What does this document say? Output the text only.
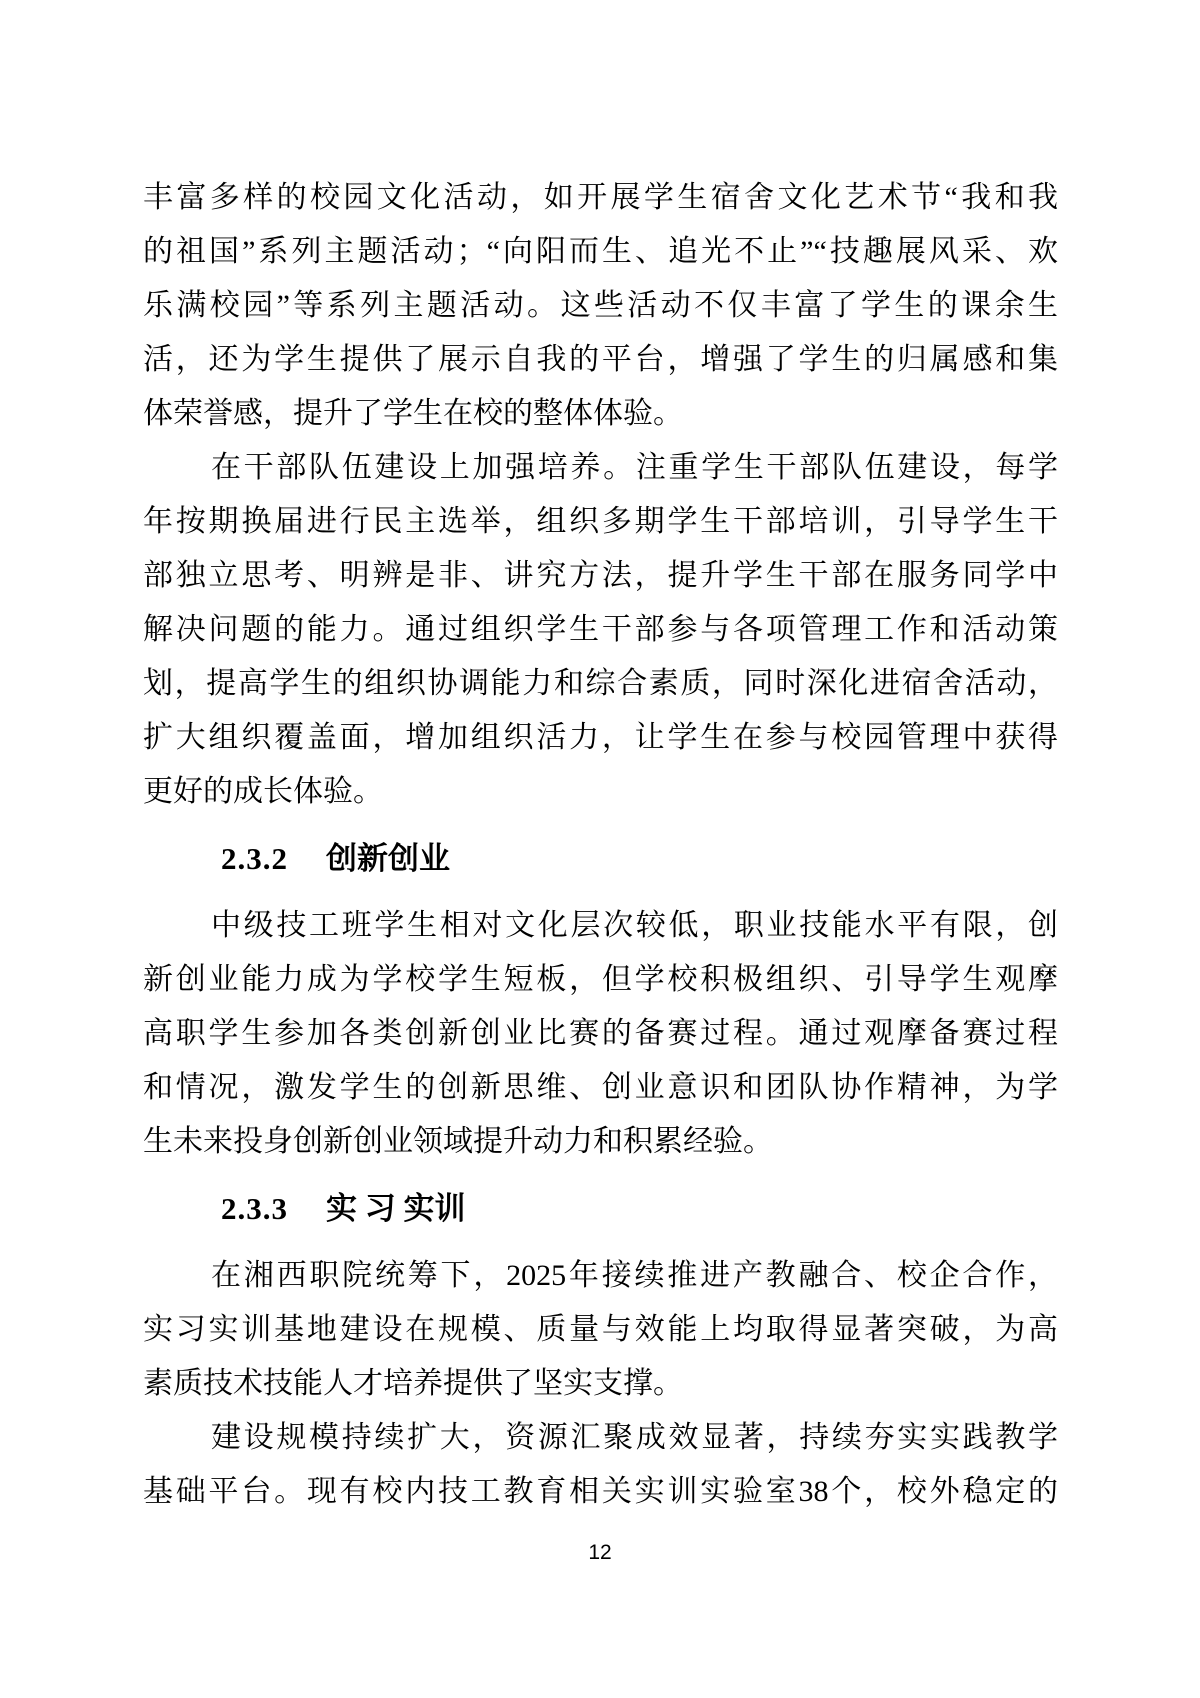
丰富多样的校园文化活动，如开展学生宿舍文化艺术节“我和我
的祖国”系列主题活动；“向阳而生、追光不止”“技趣展风采、欢
乐满校园”等系列主题活动。这些活动不仅丰富了学生的课余生
活，还为学生提供了展示自我的平台，增强了学生的归属感和集
体荣誉感，提升了学生在校的整体体验。
在干部队伍建设上加强培养。注重学生干部队伍建设，每学
年按期换届进行民主选举，组织多期学生干部培训，引导学生干
部独立思考、明辨是非、讲究方法，提升学生干部在服务同学中
解决问题的能力。通过组织学生干部参与各项管理工作和活动策
划，提高学生的组织协调能力和综合素质，同时深化进宿舍活动，
扩大组织覆盖面，增加组织活力，让学生在参与校园管理中获得
更好的成长体验。
2.3.2 创新创业
中级技工班学生相对文化层次较低，职业技能水平有限，创
新创业能力成为学校学生短板，但学校积极组织、引导学生观摩
高职学生参加各类创新创业比赛的备赛过程。通过观摩备赛过程
和情况，激发学生的创新思维、创业意识和团队协作精神，为学
生未来投身创新创业领域提升动力和积累经验。
2.3.3 实 习 实训
在湘西职院统筹下，2025年接续推进产教融合、校企合作，
实习实训基地建设在规模、质量与效能上均取得显著突破，为高
素质技术技能人才培养提供了坚实支撑。
建设规模持续扩大，资源汇聚成效显著，持续夯实实践教学
基础平台。现有校内技工教育相关实训实验室38个，校外稳定的
12
